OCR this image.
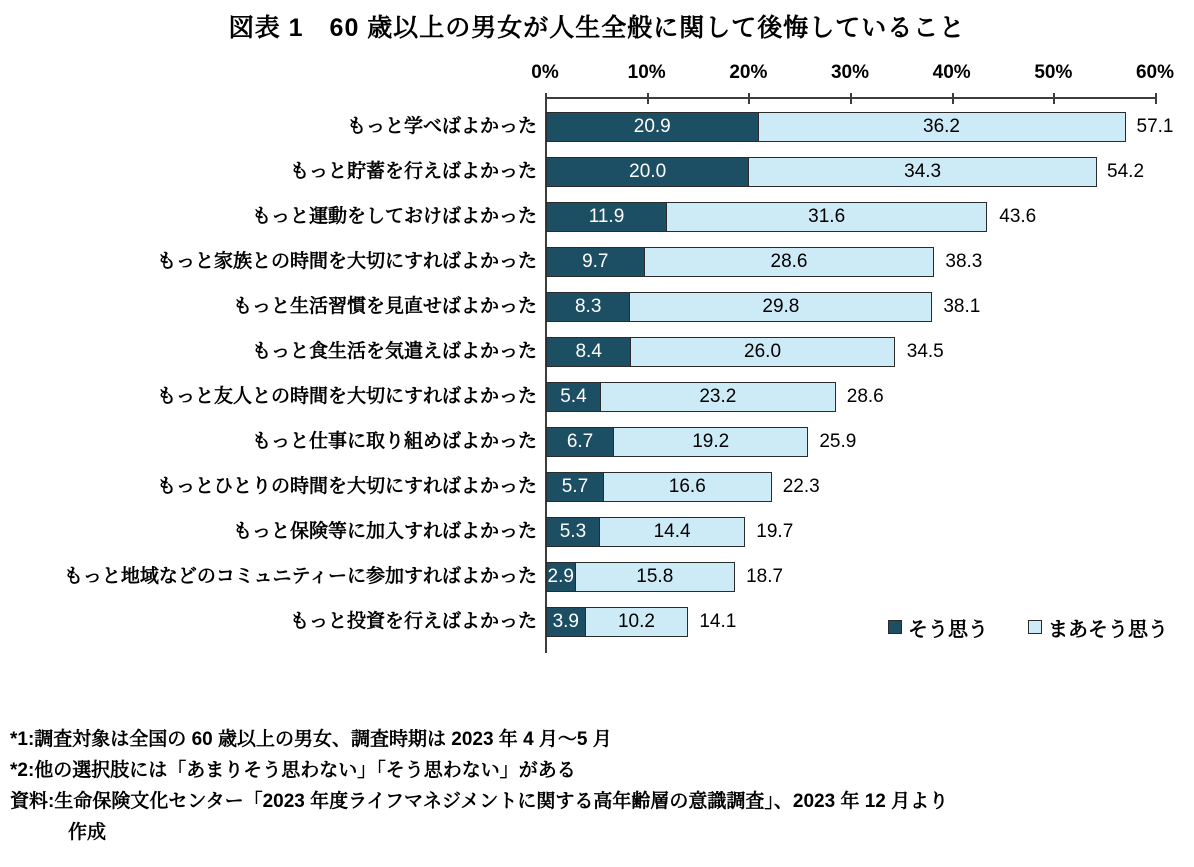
図表 1　60 歳以上の男女が人生全般に関して後悔していること
0%	10%	20%	30%	40%	50%	60%
もっと学べばよかった	20.9	36.2	57.1
もっと貯蓄を行えばよかった	20.0	34.3	54.2
もっと運動をしておけばよかった	11.9	31.6	43.6
もっと家族との時間を大切にすればよかった	9.7	28.6	38.3
もっと生活習慣を見直せばよかった	8.3	29.8	38.1
もっと食生活を気遣えばよかった	8.4	26.0	34.5
もっと友人との時間を大切にすればよかった	5.4	23.2	28.6
もっと仕事に取り組めばよかった	6.7	19.2	25.9
もっとひとりの時間を大切にすればよかった	5.7	16.6	22.3
もっと保険等に加入すればよかった	5.3	14.4	19.7
もっと地域などのコミュニティーに参加すればよかった 2.9	15.8	18.7
もっと投資を行えばよかった 3.9	10.2	14.1	そう思う	まあそう思う

*1:調査対象は全国の 60 歳以上の男女、調査時期は 2023 年 4 月〜5 月

*2:他の選択肢には「あまりそう思わない」「そう思わない」がある

資料:生命保険文化センター「2023 年度ライフマネジメントに関する高年齢層の意識調査」、2023 年 12 月より

作成
